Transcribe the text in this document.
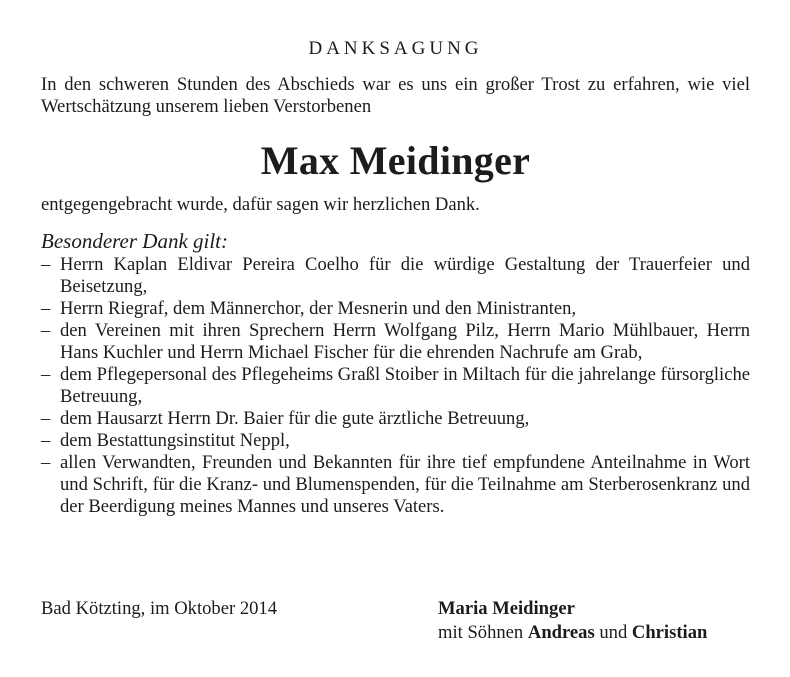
DANKSAGUNG

In den schweren Stunden des Abschieds war es uns ein großer Trost zu erfahren, wie viel Wertschätzung unserem lieben Verstorbenen

Max Meidinger

entgegengebracht wurde, dafür sagen wir herzlichen Dank.

Besonderer Dank gilt:
– Herrn Kaplan Eldivar Pereira Coelho für die würdige Gestaltung der Trauerfeier und Beisetzung,
– Herrn Riegraf, dem Männerchor, der Mesnerin und den Ministranten,
– den Vereinen mit ihren Sprechern Herrn Wolfgang Pilz, Herrn Mario Mühlbauer, Herrn Hans Kuchler und Herrn Michael Fischer für die ehrenden Nachrufe am Grab,
– dem Pflegepersonal des Pflegeheims Graßl Stoiber in Miltach für die jahrelange fürsorgliche Betreuung,
– dem Hausarzt Herrn Dr. Baier für die gute ärztliche Betreuung,
– dem Bestattungsinstitut Neppl,
– allen Verwandten, Freunden und Bekannten für ihre tief empfundene Anteilnahme in Wort und Schrift, für die Kranz- und Blumenspenden, für die Teilnahme am Sterberosenkranz und der Beerdigung meines Mannes und unseres Vaters.
Bad Kötzting, im Oktober 2014	Maria Meidinger
mit Söhnen Andreas und Christian
